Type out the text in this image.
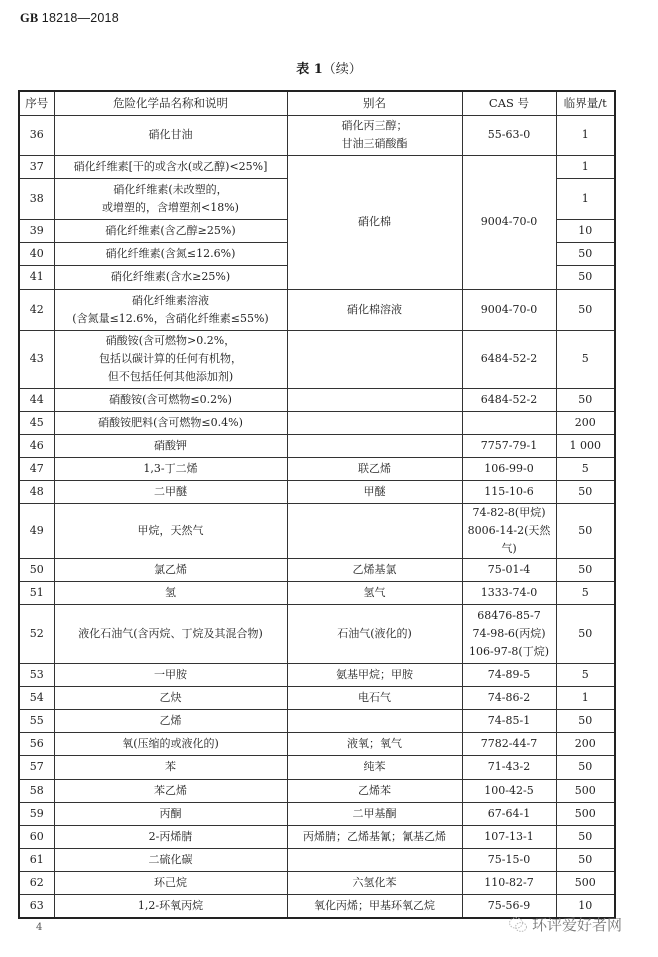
GB 18218—2018
表 1（续）
序号	危险化学品名称和说明	别名	CAS 号	临界量/t
36	硝化甘油	硝化丙三醇；
甘油三硝酸酯	55-63-0	1
37	硝化纤维素[干的或含水(或乙醇)<25%]	硝化棉	9004-70-0	1
38	硝化纤维素(未改塑的，
或增塑的，含增塑剂<18%)			1
39	硝化纤维素(含乙醇≥25%)			10
40	硝化纤维素(含氮≤12.6%)			50
41	硝化纤维素(含水≥25%)			50
42	硝化纤维素溶液
(含氮量≤12.6%，含硝化纤维素≤55%)	硝化棉溶液	9004-70-0	50
43	硝酸铵(含可燃物>0.2%，
包括以碳计算的任何有机物，
但不包括任何其他添加剂)		6484-52-2	5
44	硝酸铵(含可燃物≤0.2%)		6484-52-2	50
45	硝酸铵肥料(含可燃物≤0.4%)			200
46	硝酸钾		7757-79-1	1 000
47	1,3-丁二烯	联乙烯	106-99-0	5
48	二甲醚	甲醚	115-10-6	50
49	甲烷，天然气		74-82-8(甲烷)
8006-14-2(天然气)	50
50	氯乙烯	乙烯基氯	75-01-4	50
51	氢	氢气	1333-74-0	5
52	液化石油气(含丙烷、丁烷及其混合物)	石油气(液化的)	68476-85-7
74-98-6(丙烷)
106-97-8(丁烷)	50
53	一甲胺	氨基甲烷；甲胺	74-89-5	5
54	乙炔	电石气	74-86-2	1
55	乙烯		74-85-1	50
56	氧(压缩的或液化的)	液氧；氧气	7782-44-7	200
57	苯	纯苯	71-43-2	50
58	苯乙烯	乙烯苯	100-42-5	500
59	丙酮	二甲基酮	67-64-1	500
60	2-丙烯腈	丙烯腈；乙烯基氰；氰基乙烯	107-13-1	50
61	二硫化碳		75-15-0	50
62	环己烷	六氢化苯	110-82-7	500
63	1,2-环氧丙烷	氧化丙烯；甲基环氧乙烷	75-56-9	10
4	环评爱好者网
